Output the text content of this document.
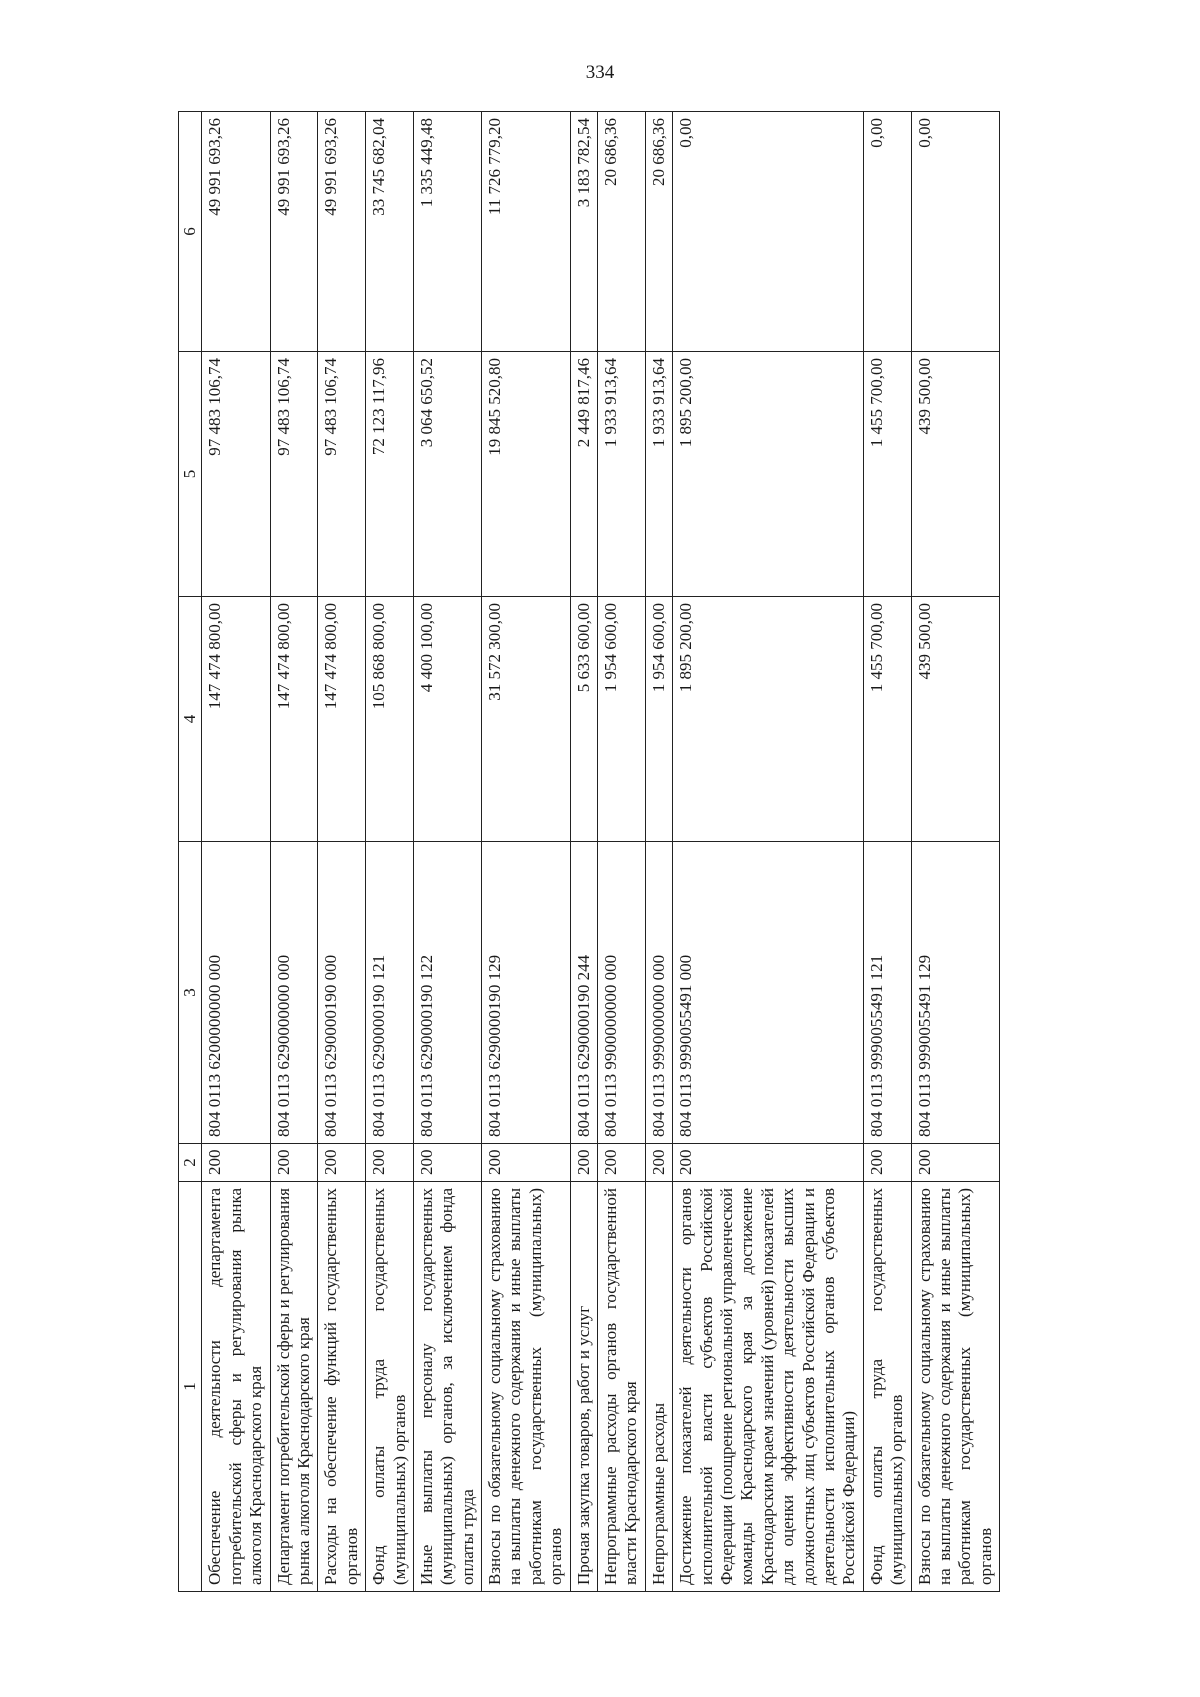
334
1	2	3	4	5	6
Обеспечение деятельности департамента потребительской сферы и регулирования рынка алкоголя Краснодарского края	200	804 0113 6200000000 000	147 474 800,00	97 483 106,74	49 991 693,26
Департамент потребительской сферы и регулирования рынка алкоголя Краснодарского края	200	804 0113 6290000000 000	147 474 800,00	97 483 106,74	49 991 693,26
Расходы на обеспечение функций государственных органов	200	804 0113 6290000190 000	147 474 800,00	97 483 106,74	49 991 693,26
Фонд оплаты труда государственных (муниципальных) органов	200	804 0113 6290000190 121	105 868 800,00	72 123 117,96	33 745 682,04
Иные выплаты персоналу государственных (муниципальных) органов, за исключением фонда оплаты труда	200	804 0113 6290000190 122	4 400 100,00	3 064 650,52	1 335 449,48
Взносы по обязательному социальному страхованию на выплаты денежного содержания и иные выплаты работникам государственных (муниципальных) органов	200	804 0113 6290000190 129	31 572 300,00	19 845 520,80	11 726 779,20
Прочая закупка товаров, работ и услуг	200	804 0113 6290000190 244	5 633 600,00	2 449 817,46	3 183 782,54
Непрограммные расходы органов государственной власти Краснодарского края	200	804 0113 9900000000 000	1 954 600,00	1 933 913,64	20 686,36
Непрограммные расходы	200	804 0113 9990000000 000	1 954 600,00	1 933 913,64	20 686,36
Достижение показателей деятельности органов исполнительной власти субъектов Российской Федерации (поощрение региональной управленческой команды Краснодарского края за достижение Краснодарским краем значений (уровней) показателей для оценки эффективности деятельности высших должностных лиц субъектов Российской Федерации и деятельности исполнительных органов субъектов Российской Федерации)	200	804 0113 9990055491 000	1 895 200,00	1 895 200,00	0,00
Фонд оплаты труда государственных (муниципальных) органов	200	804 0113 9990055491 121	1 455 700,00	1 455 700,00	0,00
Взносы по обязательному социальному страхованию на выплаты денежного содержания и иные выплаты работникам государственных (муниципальных) органов	200	804 0113 9990055491 129	439 500,00	439 500,00	0,00
